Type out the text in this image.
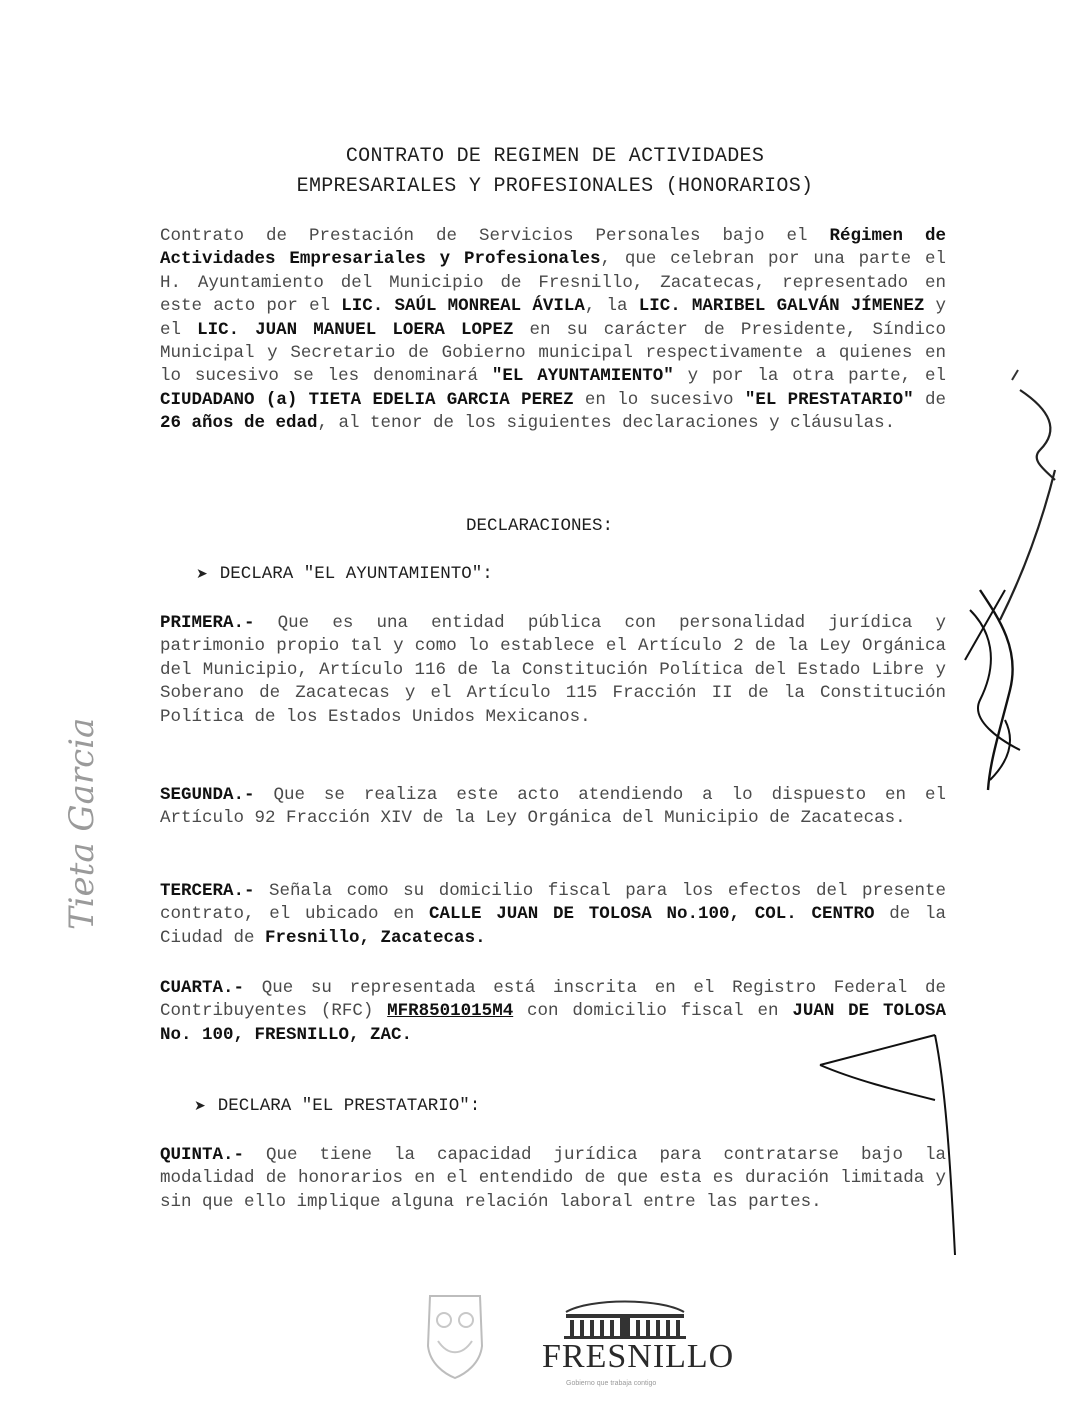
CONTRATO DE REGIMEN DE ACTIVIDADES
EMPRESARIALES Y PROFESIONALES (HONORARIOS)
Contrato de Prestación de Servicios Personales bajo el Régimen de Actividades Empresariales y Profesionales, que celebran por una parte el H. Ayuntamiento del Municipio de Fresnillo, Zacatecas, representado en este acto por el LIC. SAÚL MONREAL ÁVILA, la LIC. MARIBEL GALVÁN JÍMENEZ y el LIC. JUAN MANUEL LOERA LOPEZ en su carácter de Presidente, Síndico Municipal y Secretario de Gobierno municipal respectivamente a quienes en lo sucesivo se les denominará "EL AYUNTAMIENTO" y por la otra parte, el CIUDADANO (a) TIETA EDELIA GARCIA PEREZ en lo sucesivo "EL PRESTATARIO" de 26 años de edad, al tenor de los siguientes declaraciones y cláusulas.
DECLARACIONES:
➤ DECLARA "EL AYUNTAMIENTO":
PRIMERA.- Que es una entidad pública con personalidad jurídica y patrimonio propio tal y como lo establece el Artículo 2 de la Ley Orgánica del Municipio, Artículo 116 de la Constitución Política del Estado Libre y Soberano de Zacatecas y el Artículo 115 Fracción II de la Constitución Política de los Estados Unidos Mexicanos.
SEGUNDA.- Que se realiza este acto atendiendo a lo dispuesto en el Artículo 92 Fracción XIV de la Ley Orgánica del Municipio de Zacatecas.
TERCERA.- Señala como su domicilio fiscal para los efectos del presente contrato, el ubicado en CALLE JUAN DE TOLOSA No.100, COL. CENTRO de la Ciudad de Fresnillo, Zacatecas.
CUARTA.- Que su representada está inscrita en el Registro Federal de Contribuyentes (RFC) MFR8501015M4 con domicilio fiscal en JUAN DE TOLOSA No. 100, FRESNILLO, ZAC.
➤ DECLARA "EL PRESTATARIO":
QUINTA.- Que tiene la capacidad jurídica para contratarse bajo la modalidad de honorarios en el entendido de que esta es duración limitada y sin que ello implique alguna relación laboral entre las partes.
Tieta Garcia
FRESNILLO
Gobierno que trabaja contigo
